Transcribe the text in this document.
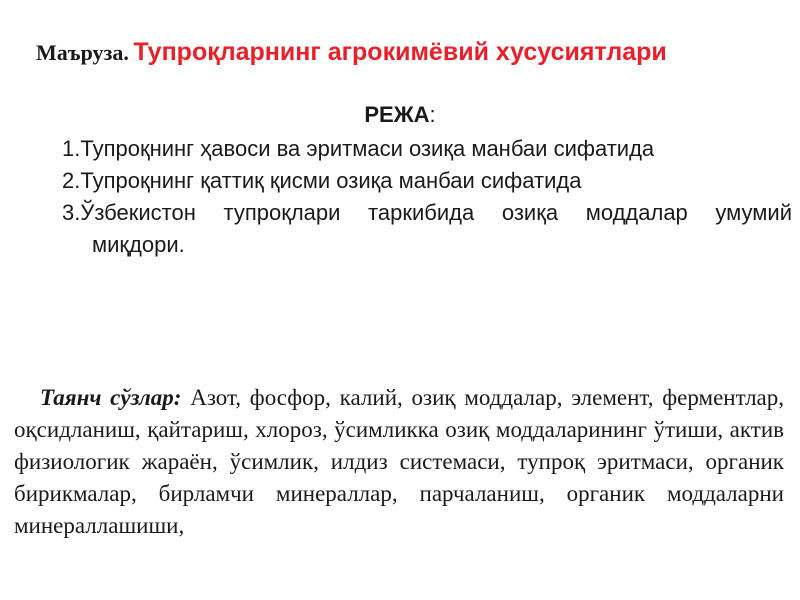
Маъруза. Тупроқларнинг агрокимёвий хусусиятлари
РЕЖА:
1.Тупроқнинг ҳавоси ва эритмаси озиқа манбаи сифатида
2.Тупроқнинг қаттиқ қисми озиқа манбаи сифатида
3.Ўзбекистон тупроқлари таркибида озиқа моддалар умумий
миқдори.
Таянч сўзлар: Азот, фосфор, калий, озиқ моддалар, элемент, ферментлар, оқсидланиш, қайтариш, хлороз, ўсимликка озиқ моддаларининг ўтиши, актив физиологик жараён, ўсимлик, илдиз системаси, тупроқ эритмаси, органик бирикмалар, бирламчи минераллар, парчаланиш, органик моддаларни минераллашиши,
